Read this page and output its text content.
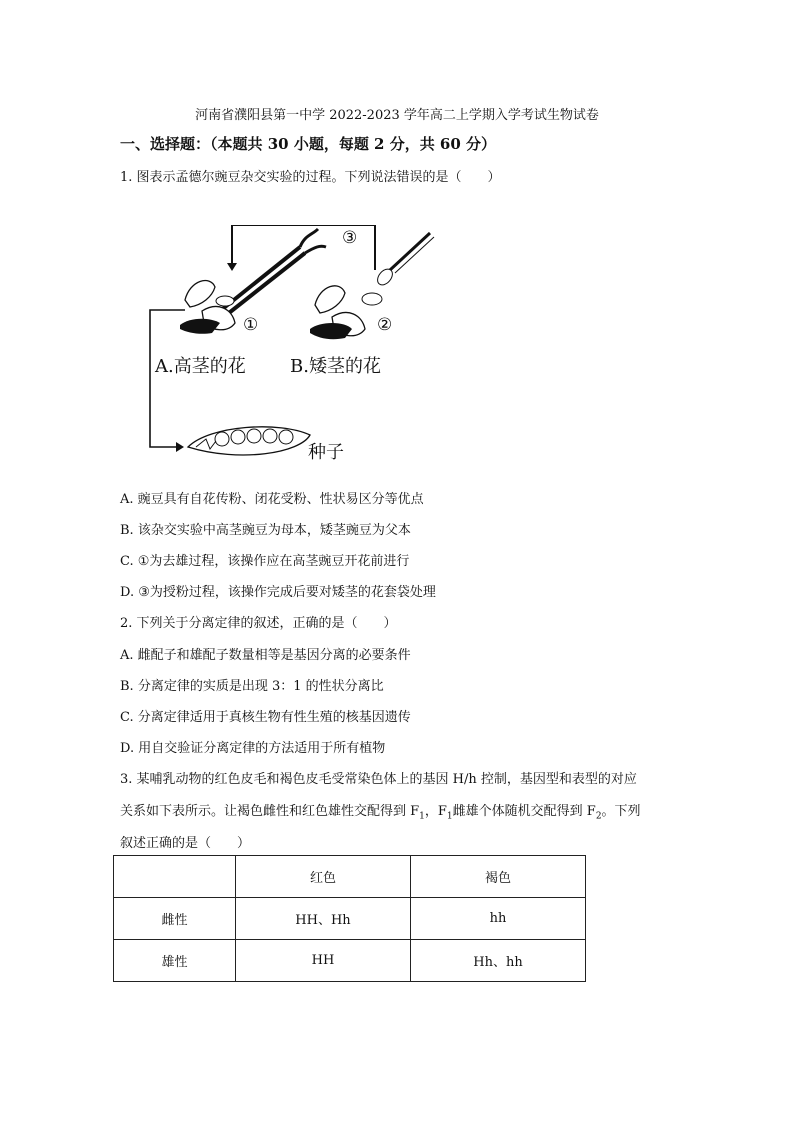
河南省濮阳县第一中学 2022-2023 学年高二上学期入学考试生物试卷
一、选择题：（本题共 30 小题，每题 2 分，共 60 分）
1. 图表示孟德尔豌豆杂交实验的过程。下列说法错误的是（　　）
③
①	②
A.高茎的花 B.矮茎的花
种子
A. 豌豆具有自花传粉、闭花受粉、性状易区分等优点
B. 该杂交实验中高茎豌豆为母本，矮茎豌豆为父本
C. ①为去雄过程，该操作应在高茎豌豆开花前进行
D. ③为授粉过程，该操作完成后要对矮茎的花套袋处理
2. 下列关于分离定律的叙述，正确的是（　　）
A. 雌配子和雄配子数量相等是基因分离的必要条件
B. 分离定律的实质是出现 3：1 的性状分离比
C. 分离定律适用于真核生物有性生殖的核基因遗传
D. 用自交验证分离定律的方法适用于所有植物
3. 某哺乳动物的红色皮毛和褐色皮毛受常染色体上的基因 H/h 控制，基因型和表型的对应
关系如下表所示。让褐色雌性和红色雄性交配得到 $F_1$，$F_1$雌雄个体随机交配得到 $F_2$。下列
叙述正确的是（　　）
	红色	褐色
雌性	HH、Hh	hh
雄性	HH	Hh、hh
